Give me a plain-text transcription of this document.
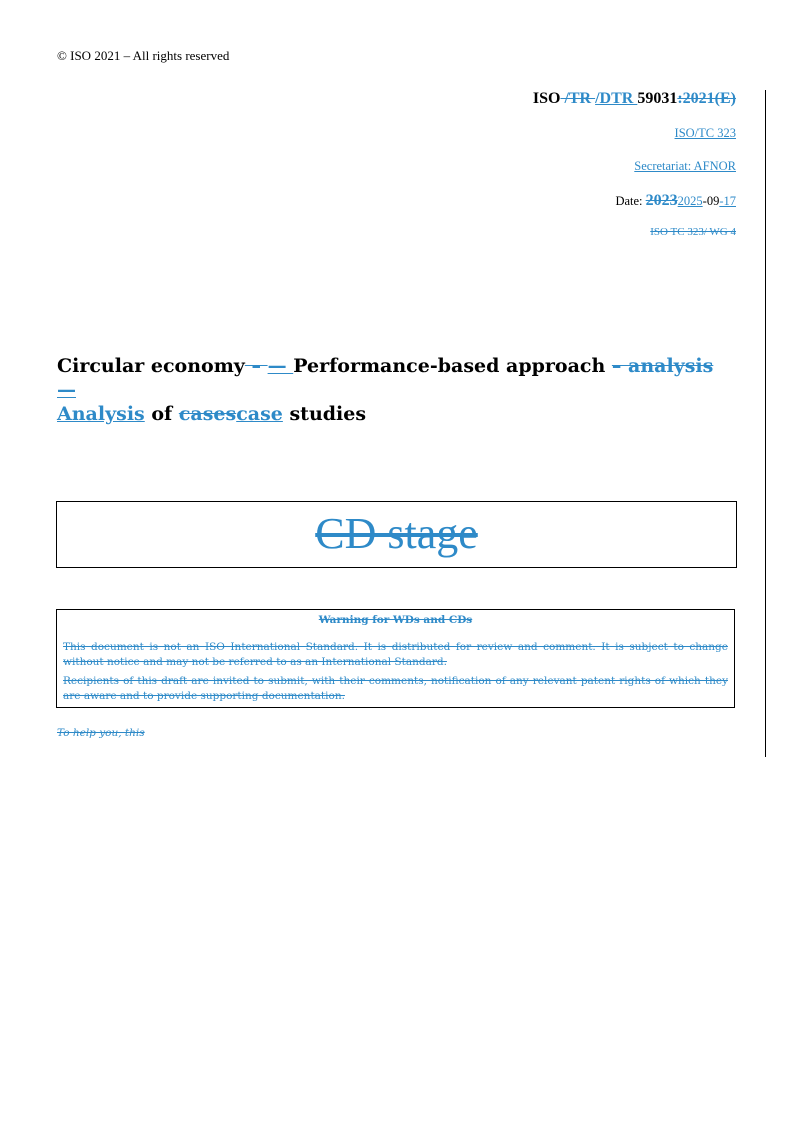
© ISO 2021 – All rights reserved
ISO /TR /DTR 59031:2021(E)
ISO/TC 323
Secretariat: AFNOR
Date: 20232025-09-17
ISO TC 323/ WG 4
Circular economy – — Performance-based approach – analysis—
Analysis of casescase studies
CD stage
Warning for WDs and CDs

This document is not an ISO International Standard. It is distributed for review and comment. It is subject to change without notice and may not be referred to as an International Standard.

Recipients of this draft are invited to submit, with their comments, notification of any relevant patent rights of which they are aware and to provide supporting documentation.

To help you, this
